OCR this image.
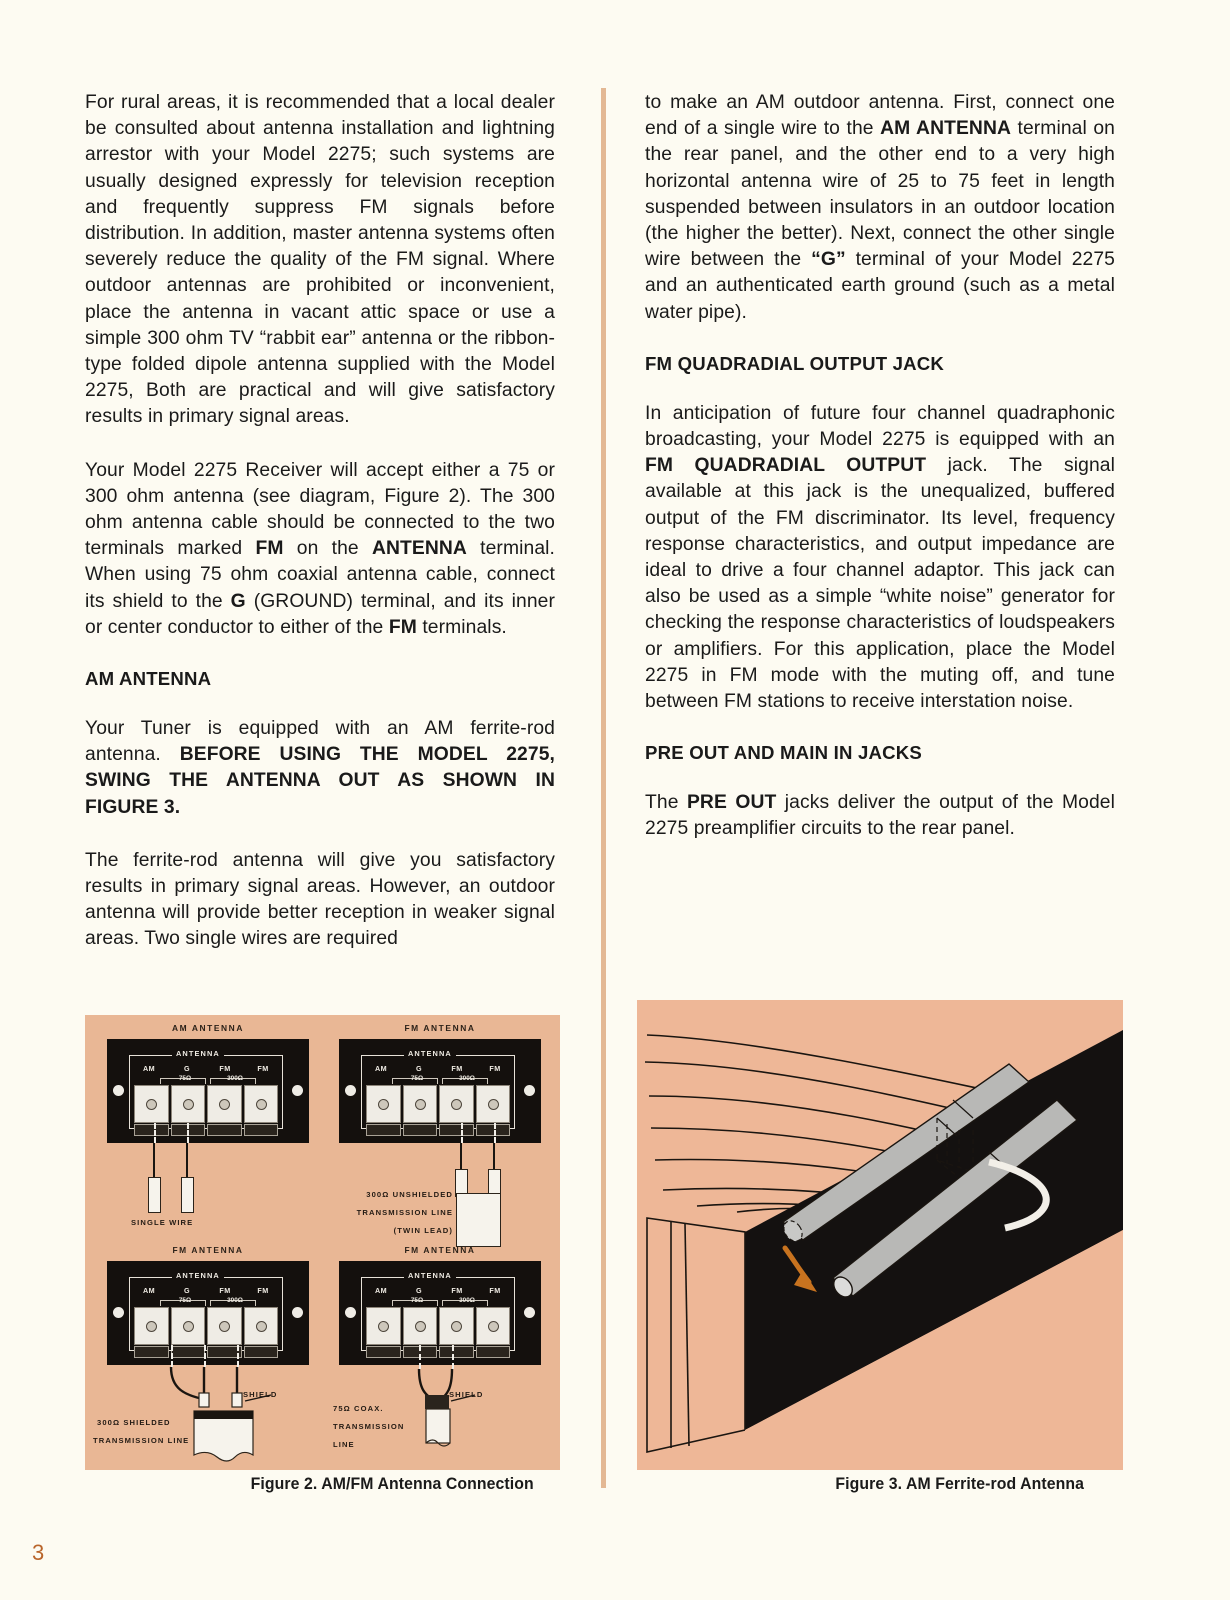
For rural areas, it is recommended that a local dealer be consulted about antenna installation and lightning arrestor with your Model 2275; such systems are usually designed expressly for television reception and frequently suppress FM signals before distribution. In addition, master antenna systems often severely reduce the quality of the FM signal. Where outdoor antennas are prohibited or inconvenient, place the antenna in vacant attic space or use a simple 300 ohm TV “rabbit ear” antenna or the ribbon-type folded dipole antenna supplied with the Model 2275, Both are practical and will give satisfactory results in primary signal areas.

Your Model 2275 Receiver will accept either a 75 or 300 ohm antenna (see diagram, Figure 2). The 300 ohm antenna cable should be connected to the two terminals marked FM on the ANTENNA terminal. When using 75 ohm coaxial antenna cable, connect its shield to the G (GROUND) terminal, and its inner or center conductor to either of the FM terminals.

AM ANTENNA

Your Tuner is equipped with an AM ferrite-rod antenna. BEFORE USING THE MODEL 2275, SWING THE ANTENNA OUT AS SHOWN IN FIGURE 3.

The ferrite-rod antenna will give you satisfactory results in primary signal areas. However, an outdoor antenna will provide better reception in weaker signal areas. Two single wires are required

to make an AM outdoor antenna. First, connect one end of a single wire to the AM ANTENNA terminal on the rear panel, and the other end to a very high horizontal antenna wire of 25 to 75 feet in length suspended between insulators in an outdoor location (the higher the better). Next, connect the other single wire between the “G” terminal of your Model 2275 and an authenticated earth ground (such as a metal water pipe).

FM QUADRADIAL OUTPUT JACK

In anticipation of future four channel quadraphonic broadcasting, your Model 2275 is equipped with an FM QUADRADIAL OUTPUT jack. The signal available at this jack is the unequalized, buffered output of the FM discriminator. Its level, frequency response characteristics, and output impedance are ideal to drive a four channel adaptor. This jack can also be used as a simple “white noise” generator for checking the response characteristics of loudspeakers or amplifiers. For this application, place the Model 2275 in FM mode with the muting off, and tune between FM stations to receive interstation noise.

PRE OUT AND MAIN IN JACKS

The PRE OUT jacks deliver the output of the Model 2275 preamplifier circuits to the rear panel.

AM ANTENNA
ANTENNA
AM	G	FM	FM
75Ω	300Ω
SINGLE WIRE
FM ANTENNA
ANTENNA
AM	G	FM	FM
75Ω	300Ω
300Ω UNSHIELDED
TRANSMISSION LINE
(TWIN LEAD)
FM ANTENNA
ANTENNA
AM	G	FM	FM
75Ω	300Ω
SHIELD
300Ω SHIELDED
TRANSMISSION LINE
FM ANTENNA
ANTENNA
AM	G	FM	FM
75Ω	300Ω
SHIELD
75Ω COAX.
TRANSMISSION
LINE
Figure 2. AM/FM Antenna Connection	Figure 3. AM Ferrite-rod Antenna
3
